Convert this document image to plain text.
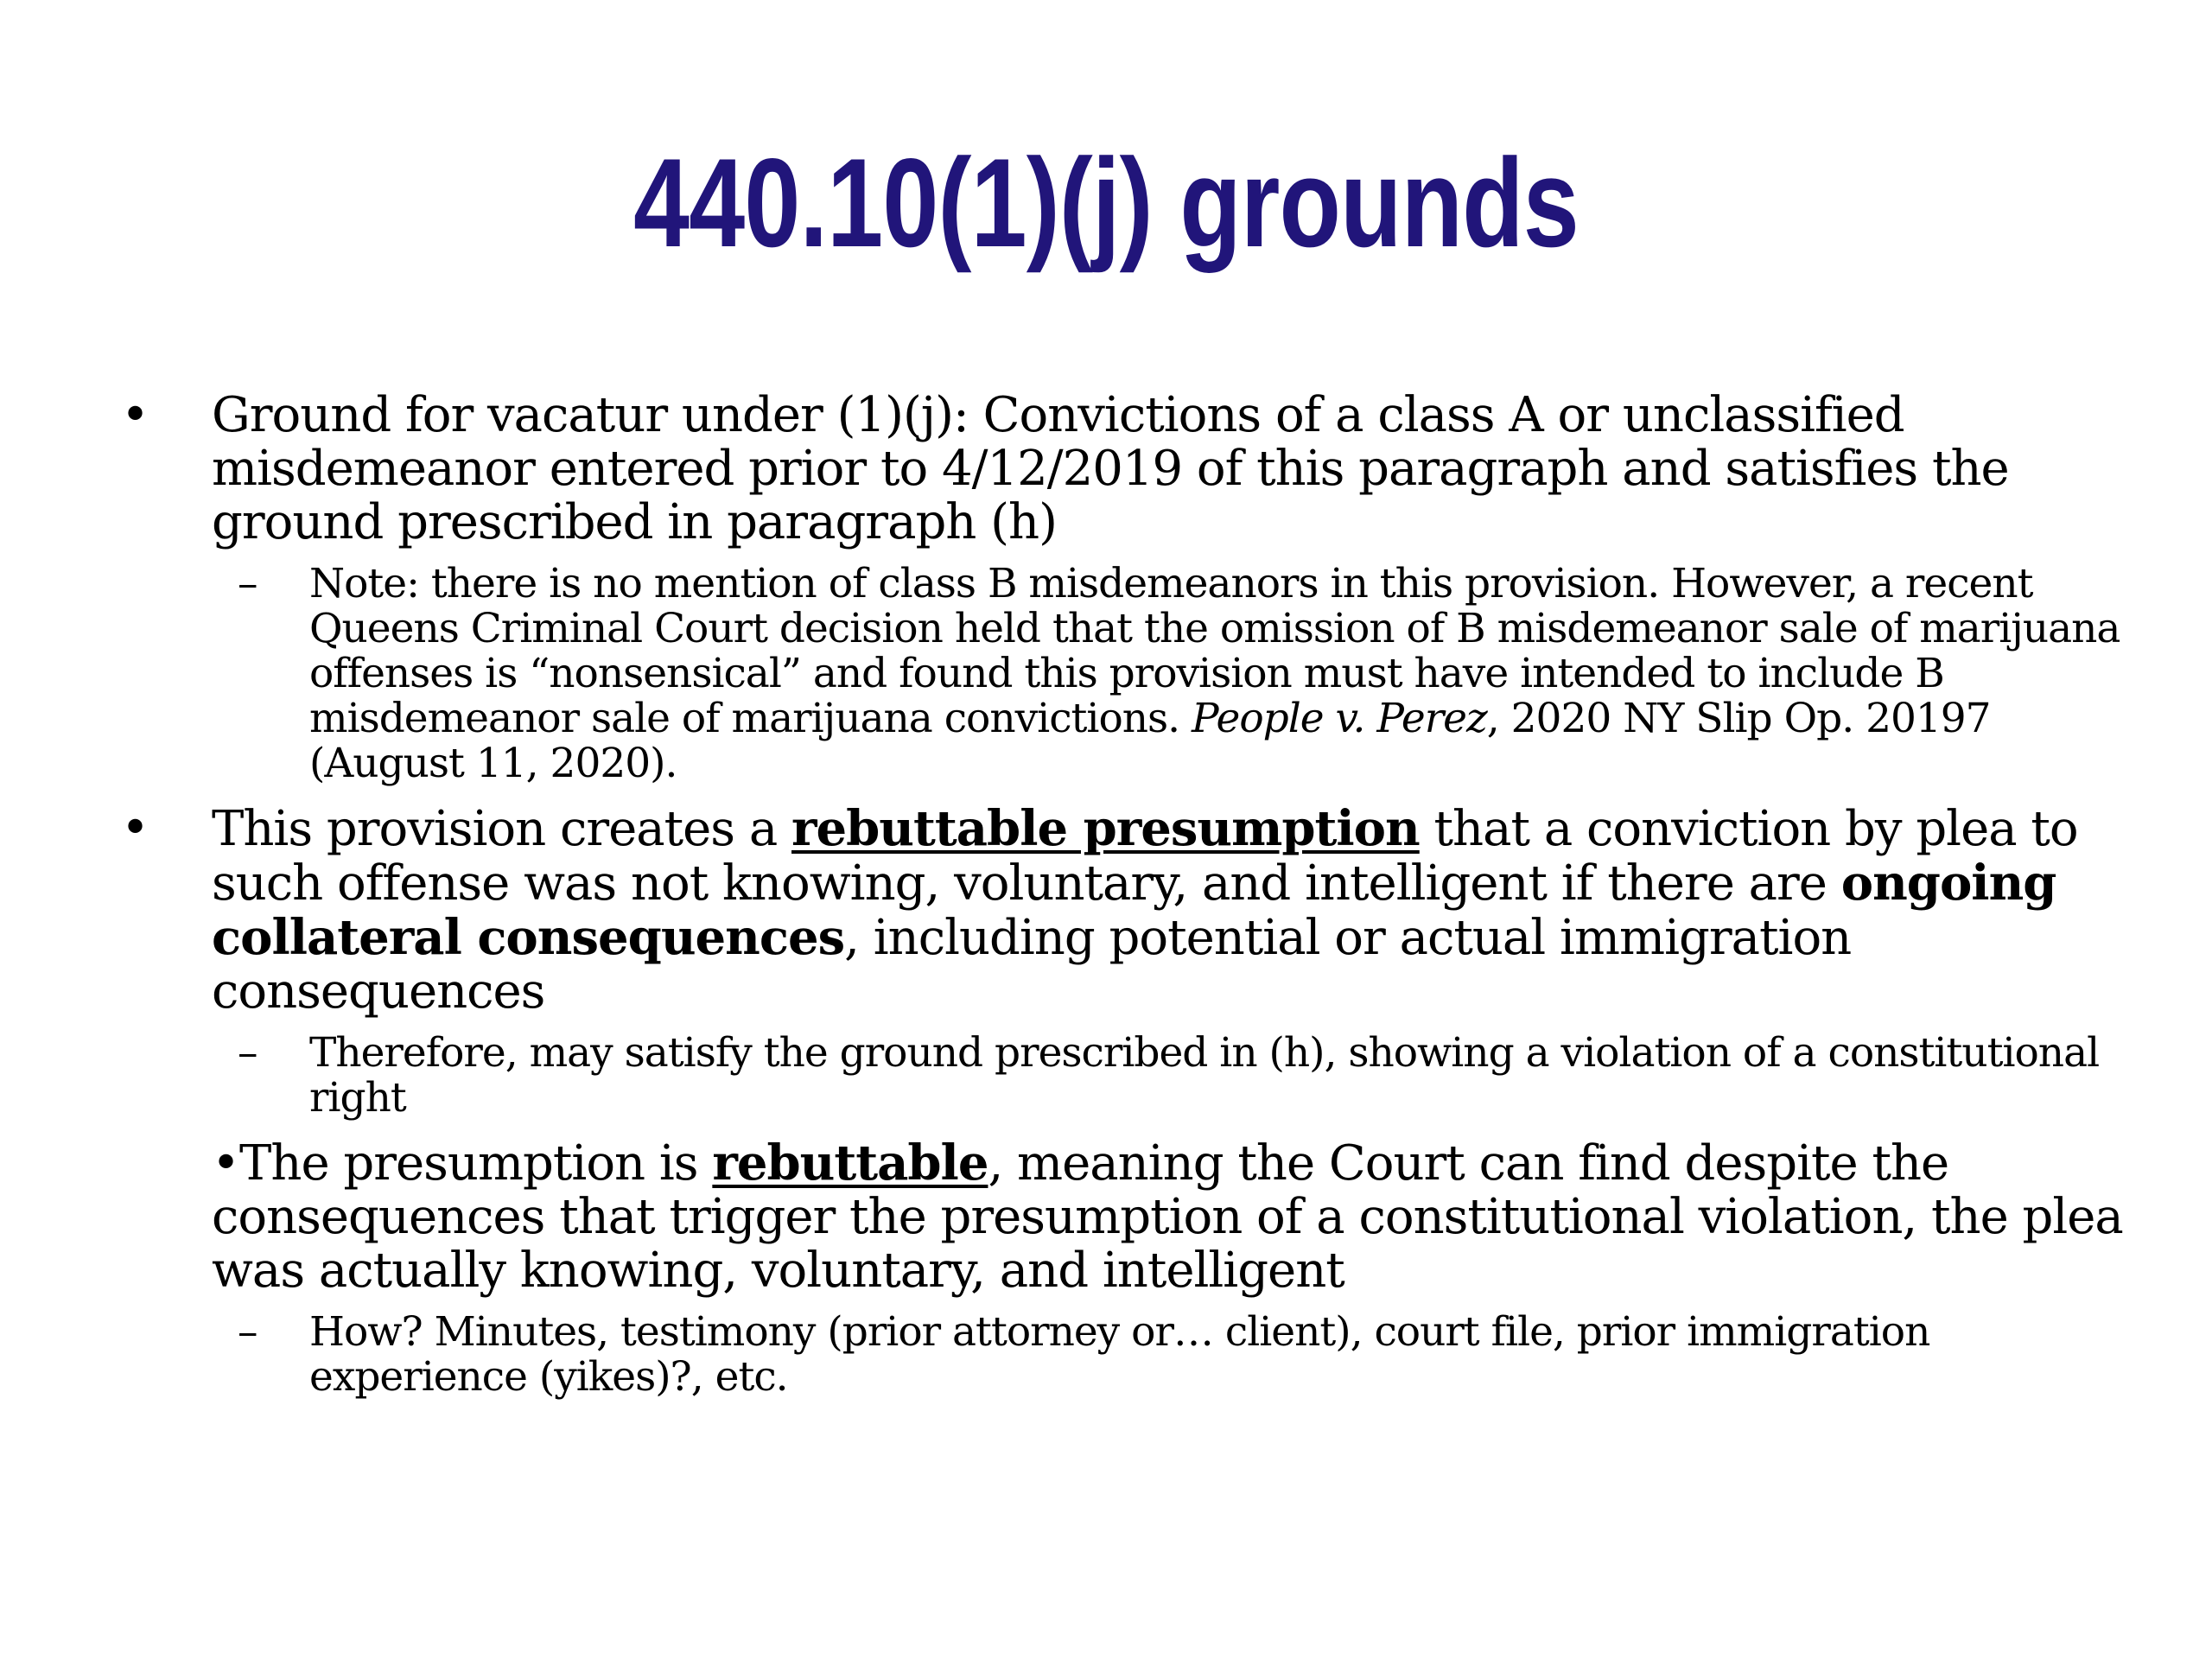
440.10(1)(j) grounds
• Ground for vacatur under (1)(j): Convictions of a class A or unclassified misdemeanor entered prior to 4/12/2019 of this paragraph and satisfies the ground prescribed in paragraph (h)
– Note: there is no mention of class B misdemeanors in this provision. However, a recent Queens Criminal Court decision held that the omission of B misdemeanor sale of marijuana offenses is “nonsensical” and found this provision must have intended to include B misdemeanor sale of marijuana convictions. People v. Perez, 2020 NY Slip Op. 20197 (August 11, 2020).
• This provision creates a rebuttable presumption that a conviction by plea to such offense was not knowing, voluntary, and intelligent if there are ongoing collateral consequences, including potential or actual immigration consequences
– Therefore, may satisfy the ground prescribed in (h), showing a violation of a constitutional right
•The presumption is rebuttable, meaning the Court can find despite the consequences that trigger the presumption of a constitutional violation, the plea was actually knowing, voluntary, and intelligent
– How? Minutes, testimony (prior attorney or… client), court file, prior immigration experience (yikes)?, etc.
